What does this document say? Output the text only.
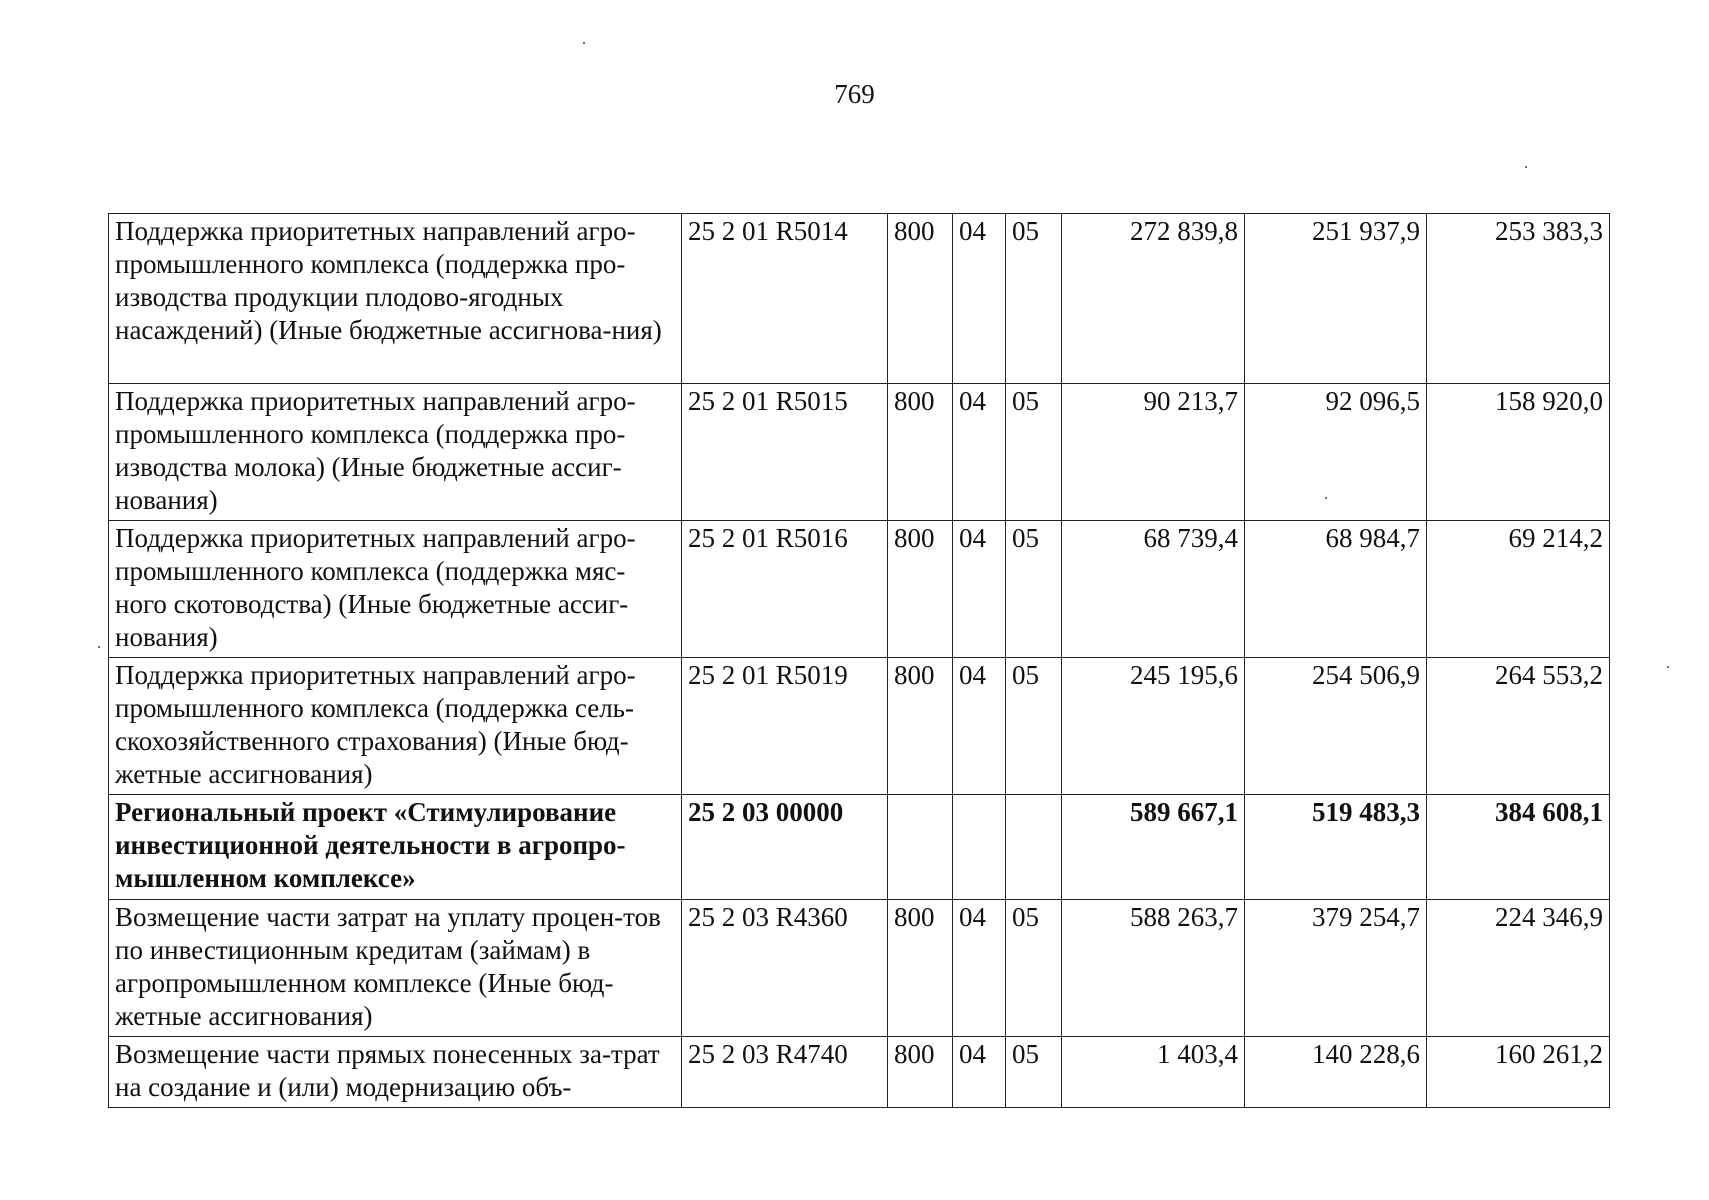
769
Поддержка приоритетных направлений агро-промышленного комплекса (поддержка про-изводства продукции плодово-ягодных насаждений) (Иные бюджетные ассигнова-ния)	25 2 01 R5014	800	04	05	272 839,8	251 937,9	253 383,3
Поддержка приоритетных направлений агро-промышленного комплекса (поддержка про-изводства молока) (Иные бюджетные ассиг-нования)	25 2 01 R5015	800	04	05	90 213,7	92 096,5	158 920,0
Поддержка приоритетных направлений агро-промышленного комплекса (поддержка мяс-ного скотоводства) (Иные бюджетные ассиг-нования)	25 2 01 R5016	800	04	05	68 739,4	68 984,7	69 214,2
Поддержка приоритетных направлений агро-промышленного комплекса (поддержка сель-скохозяйственного страхования) (Иные бюд-жетные ассигнования)	25 2 01 R5019	800	04	05	245 195,6	254 506,9	264 553,2
Региональный проект «Стимулирование инвестиционной деятельности в агропро-мышленном комплексе»	25 2 03 00000				589 667,1	519 483,3	384 608,1
Возмещение части затрат на уплату процен-тов по инвестиционным кредитам (займам) в агропромышленном комплексе (Иные бюд-жетные ассигнования)	25 2 03 R4360	800	04	05	588 263,7	379 254,7	224 346,9
Возмещение части прямых понесенных за-трат на создание и (или) модернизацию объ-	25 2 03 R4740	800	04	05	1 403,4	140 228,6	160 261,2
